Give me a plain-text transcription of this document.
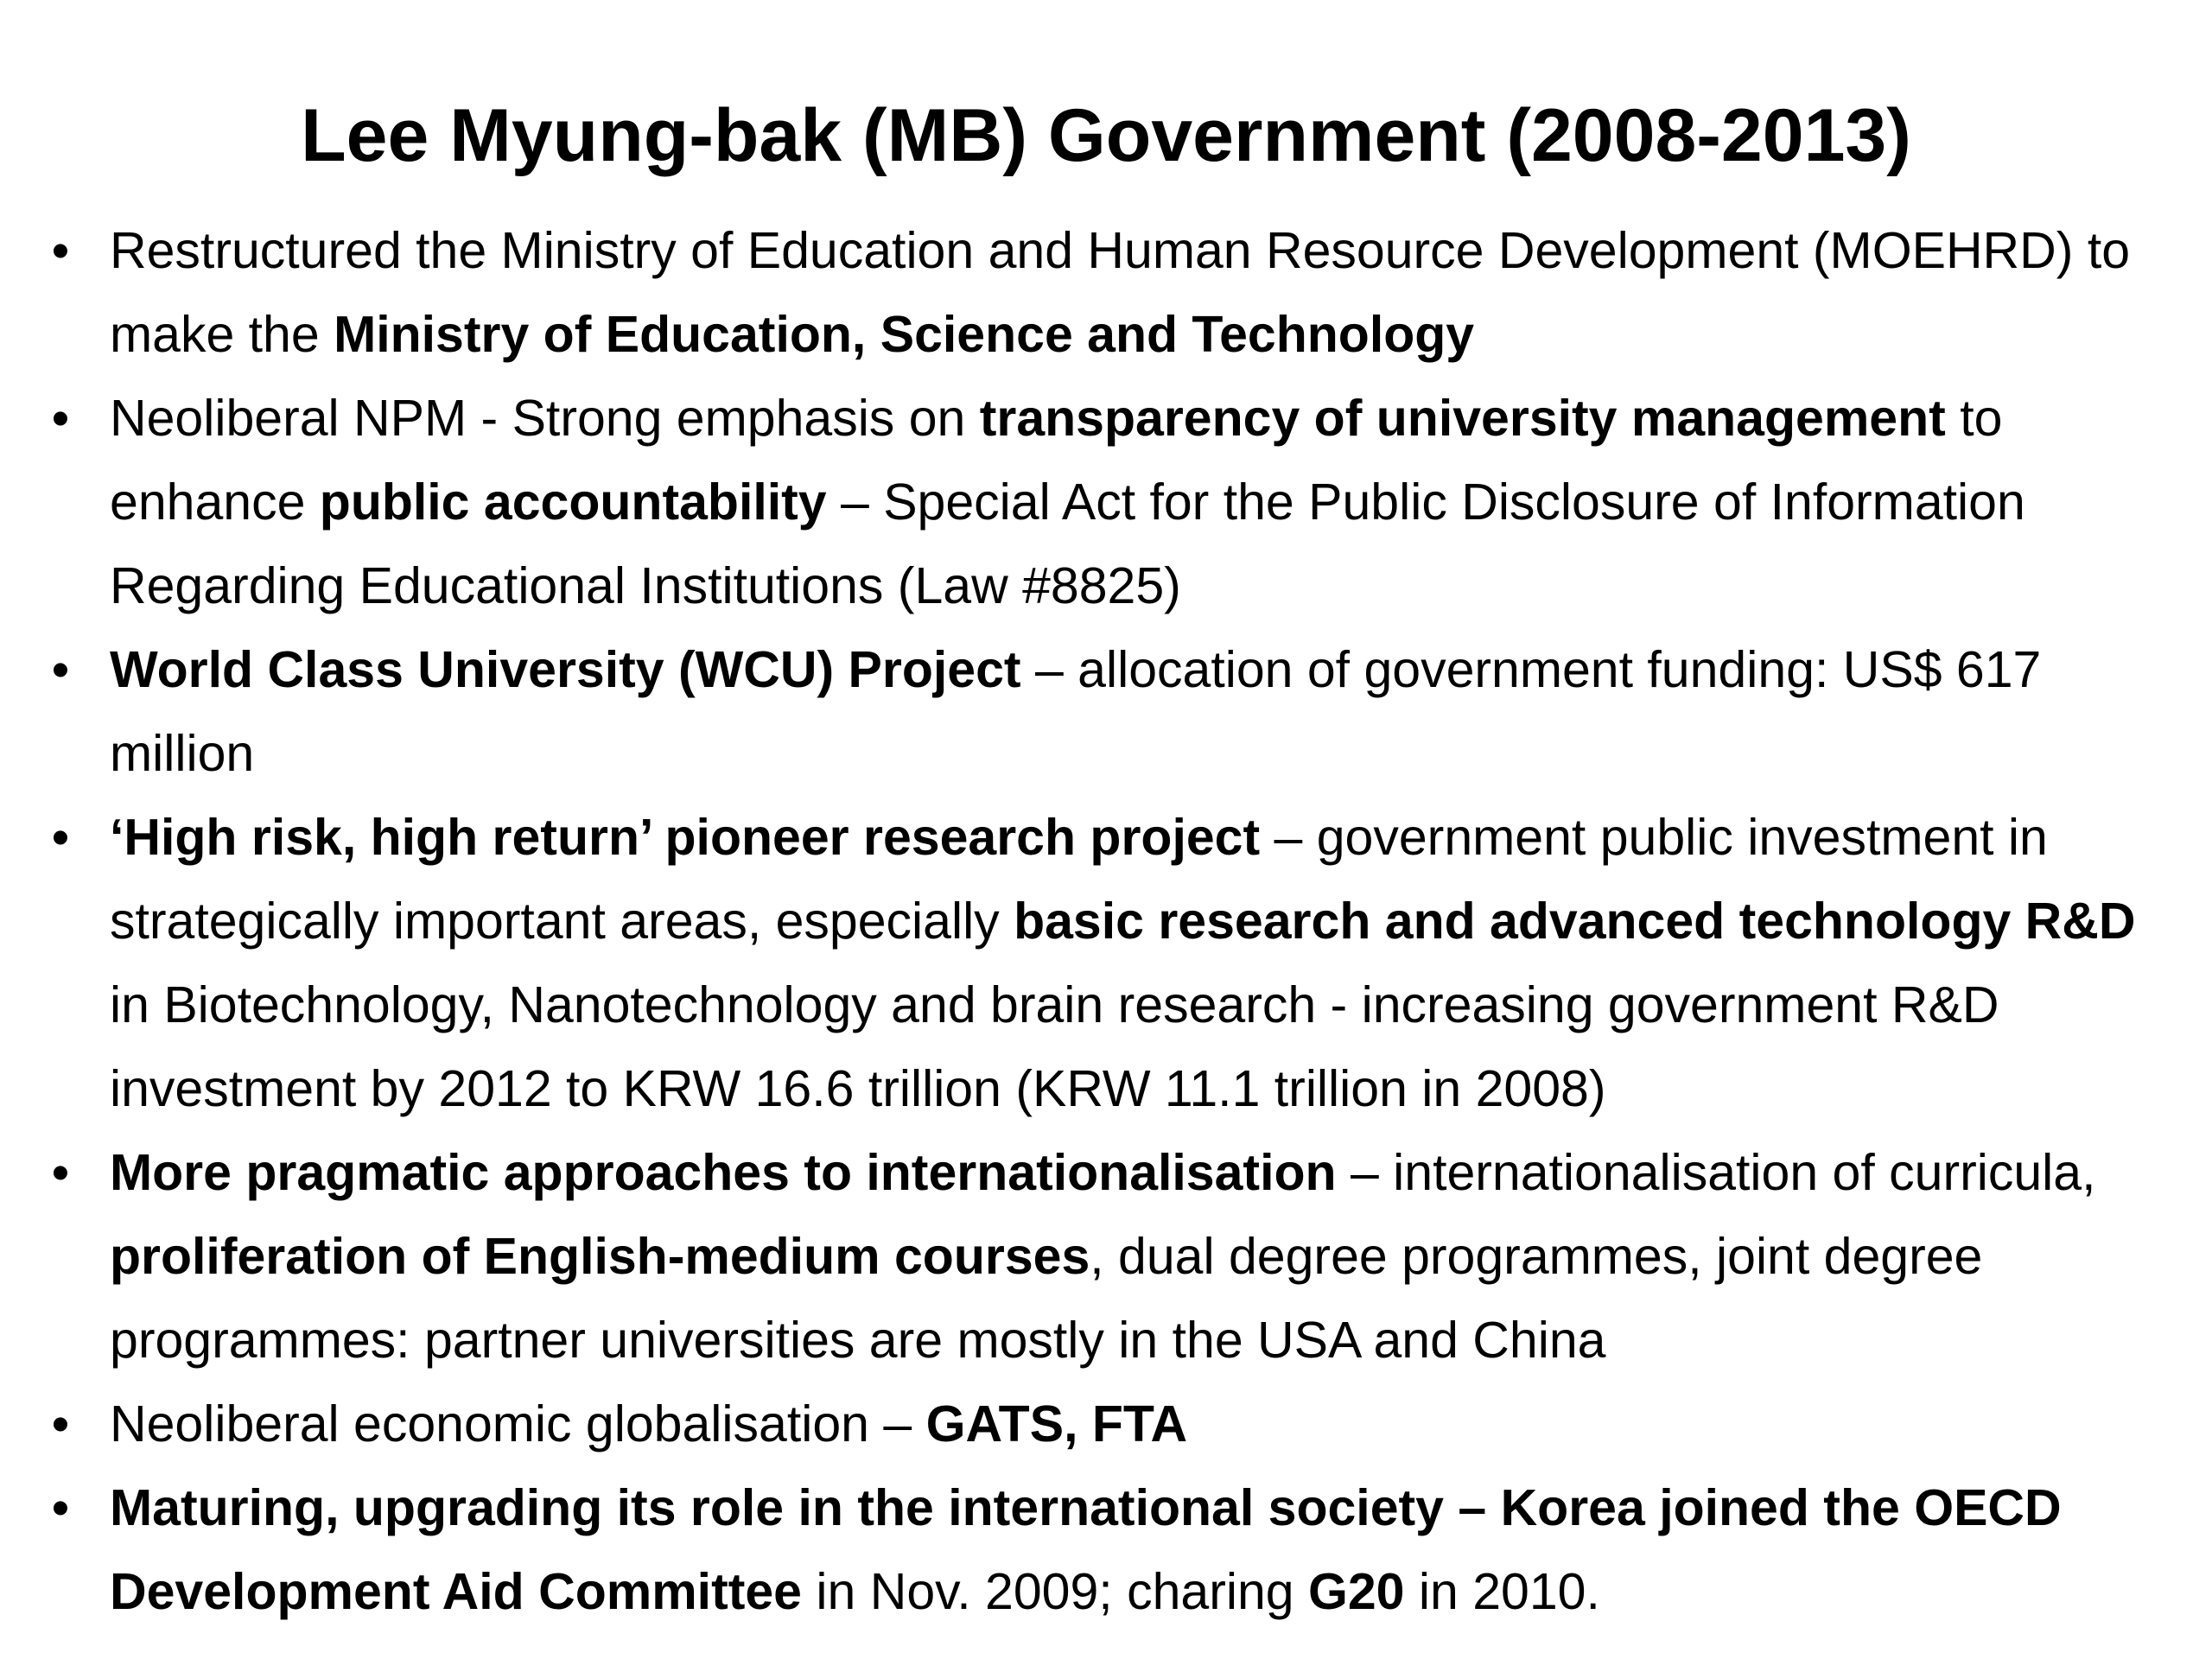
Lee Myung-bak (MB) Government (2008-2013)
• Restructured the Ministry of Education and Human Resource Development (MOEHRD) to make the Ministry of Education, Science and Technology
• Neoliberal NPM - Strong emphasis on transparency of university management to enhance public accountability – Special Act for the Public Disclosure of Information Regarding Educational Institutions (Law #8825)
• World Class University (WCU) Project – allocation of government funding: US$ 617 million
• ‘High risk, high return’ pioneer research project – government public investment in strategically important areas, especially basic research and advanced technology R&D in Biotechnology, Nanotechnology and brain research - increasing government R&D investment by 2012 to KRW 16.6 trillion (KRW 11.1 trillion in 2008)
• More pragmatic approaches to internationalisation – internationalisation of curricula, proliferation of English-medium courses, dual degree programmes, joint degree programmes: partner universities are mostly in the USA and China
• Neoliberal economic globalisation – GATS, FTA
• Maturing, upgrading its role in the international society – Korea joined the OECD Development Aid Committee in Nov. 2009; charing G20 in 2010.
